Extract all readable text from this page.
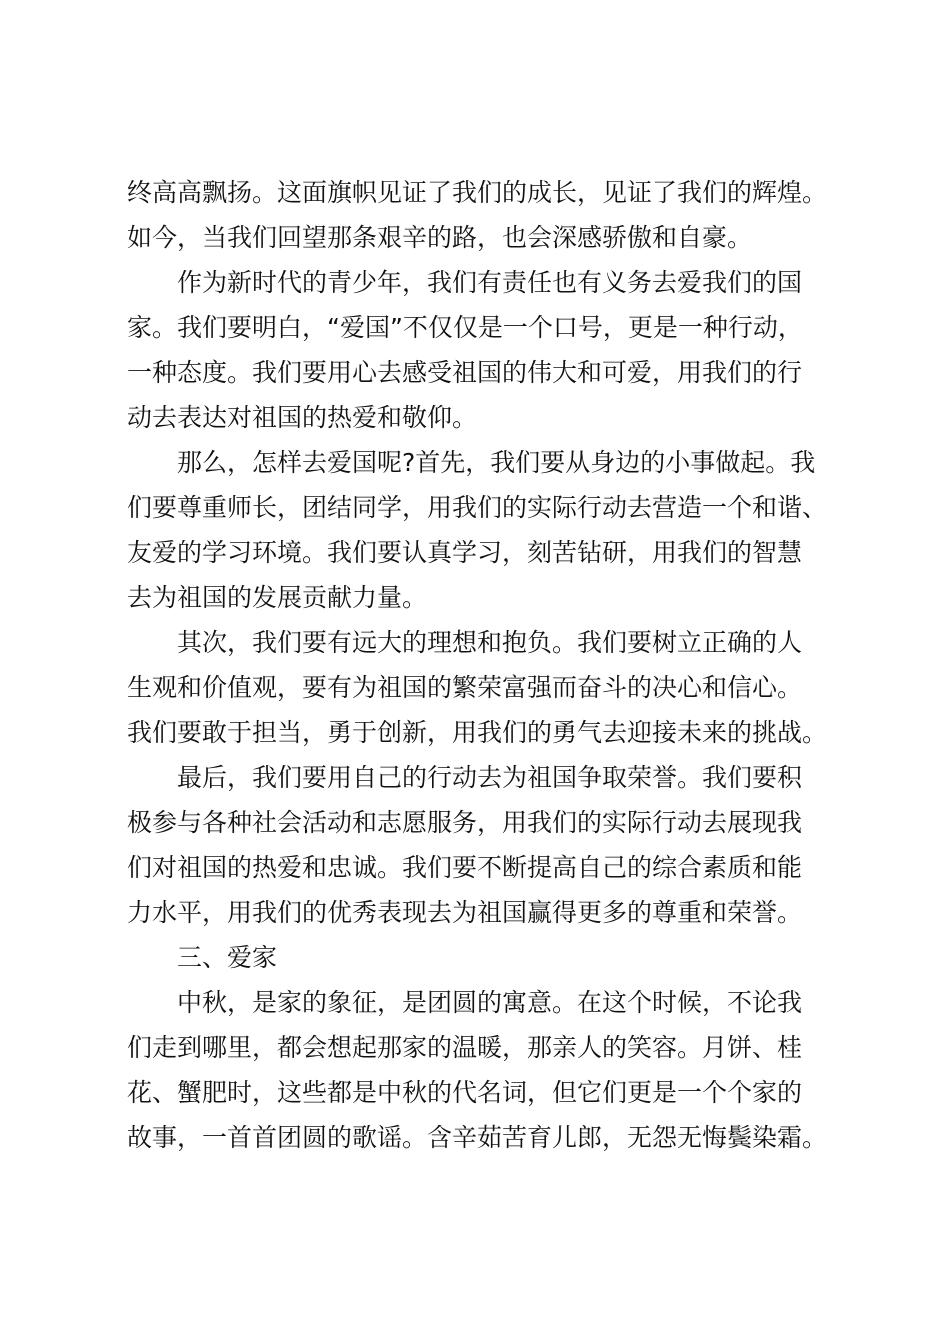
终高高飘扬。这面旗帜见证了我们的成长，见证了我们的辉煌。
如今，当我们回望那条艰辛的路，也会深感骄傲和自豪。
作为新时代的青少年，我们有责任也有义务去爱我们的国
家。我们要明白，“爱国”不仅仅是一个口号，更是一种行动，
一种态度。我们要用心去感受祖国的伟大和可爱，用我们的行
动去表达对祖国的热爱和敬仰。
那么，怎样去爱国呢?首先，我们要从身边的小事做起。我
们要尊重师长，团结同学，用我们的实际行动去营造一个和谐、
友爱的学习环境。我们要认真学习，刻苦钻研，用我们的智慧
去为祖国的发展贡献力量。
其次，我们要有远大的理想和抱负。我们要树立正确的人
生观和价值观，要有为祖国的繁荣富强而奋斗的决心和信心。
我们要敢于担当，勇于创新，用我们的勇气去迎接未来的挑战。
最后，我们要用自己的行动去为祖国争取荣誉。我们要积
极参与各种社会活动和志愿服务，用我们的实际行动去展现我
们对祖国的热爱和忠诚。我们要不断提高自己的综合素质和能
力水平，用我们的优秀表现去为祖国赢得更多的尊重和荣誉。
三、爱家
中秋，是家的象征，是团圆的寓意。在这个时候，不论我
们走到哪里，都会想起那家的温暖，那亲人的笑容。月饼、桂
花、蟹肥时，这些都是中秋的代名词，但它们更是一个个家的
故事，一首首团圆的歌谣。含辛茹苦育儿郎，无怨无悔鬓染霜。
